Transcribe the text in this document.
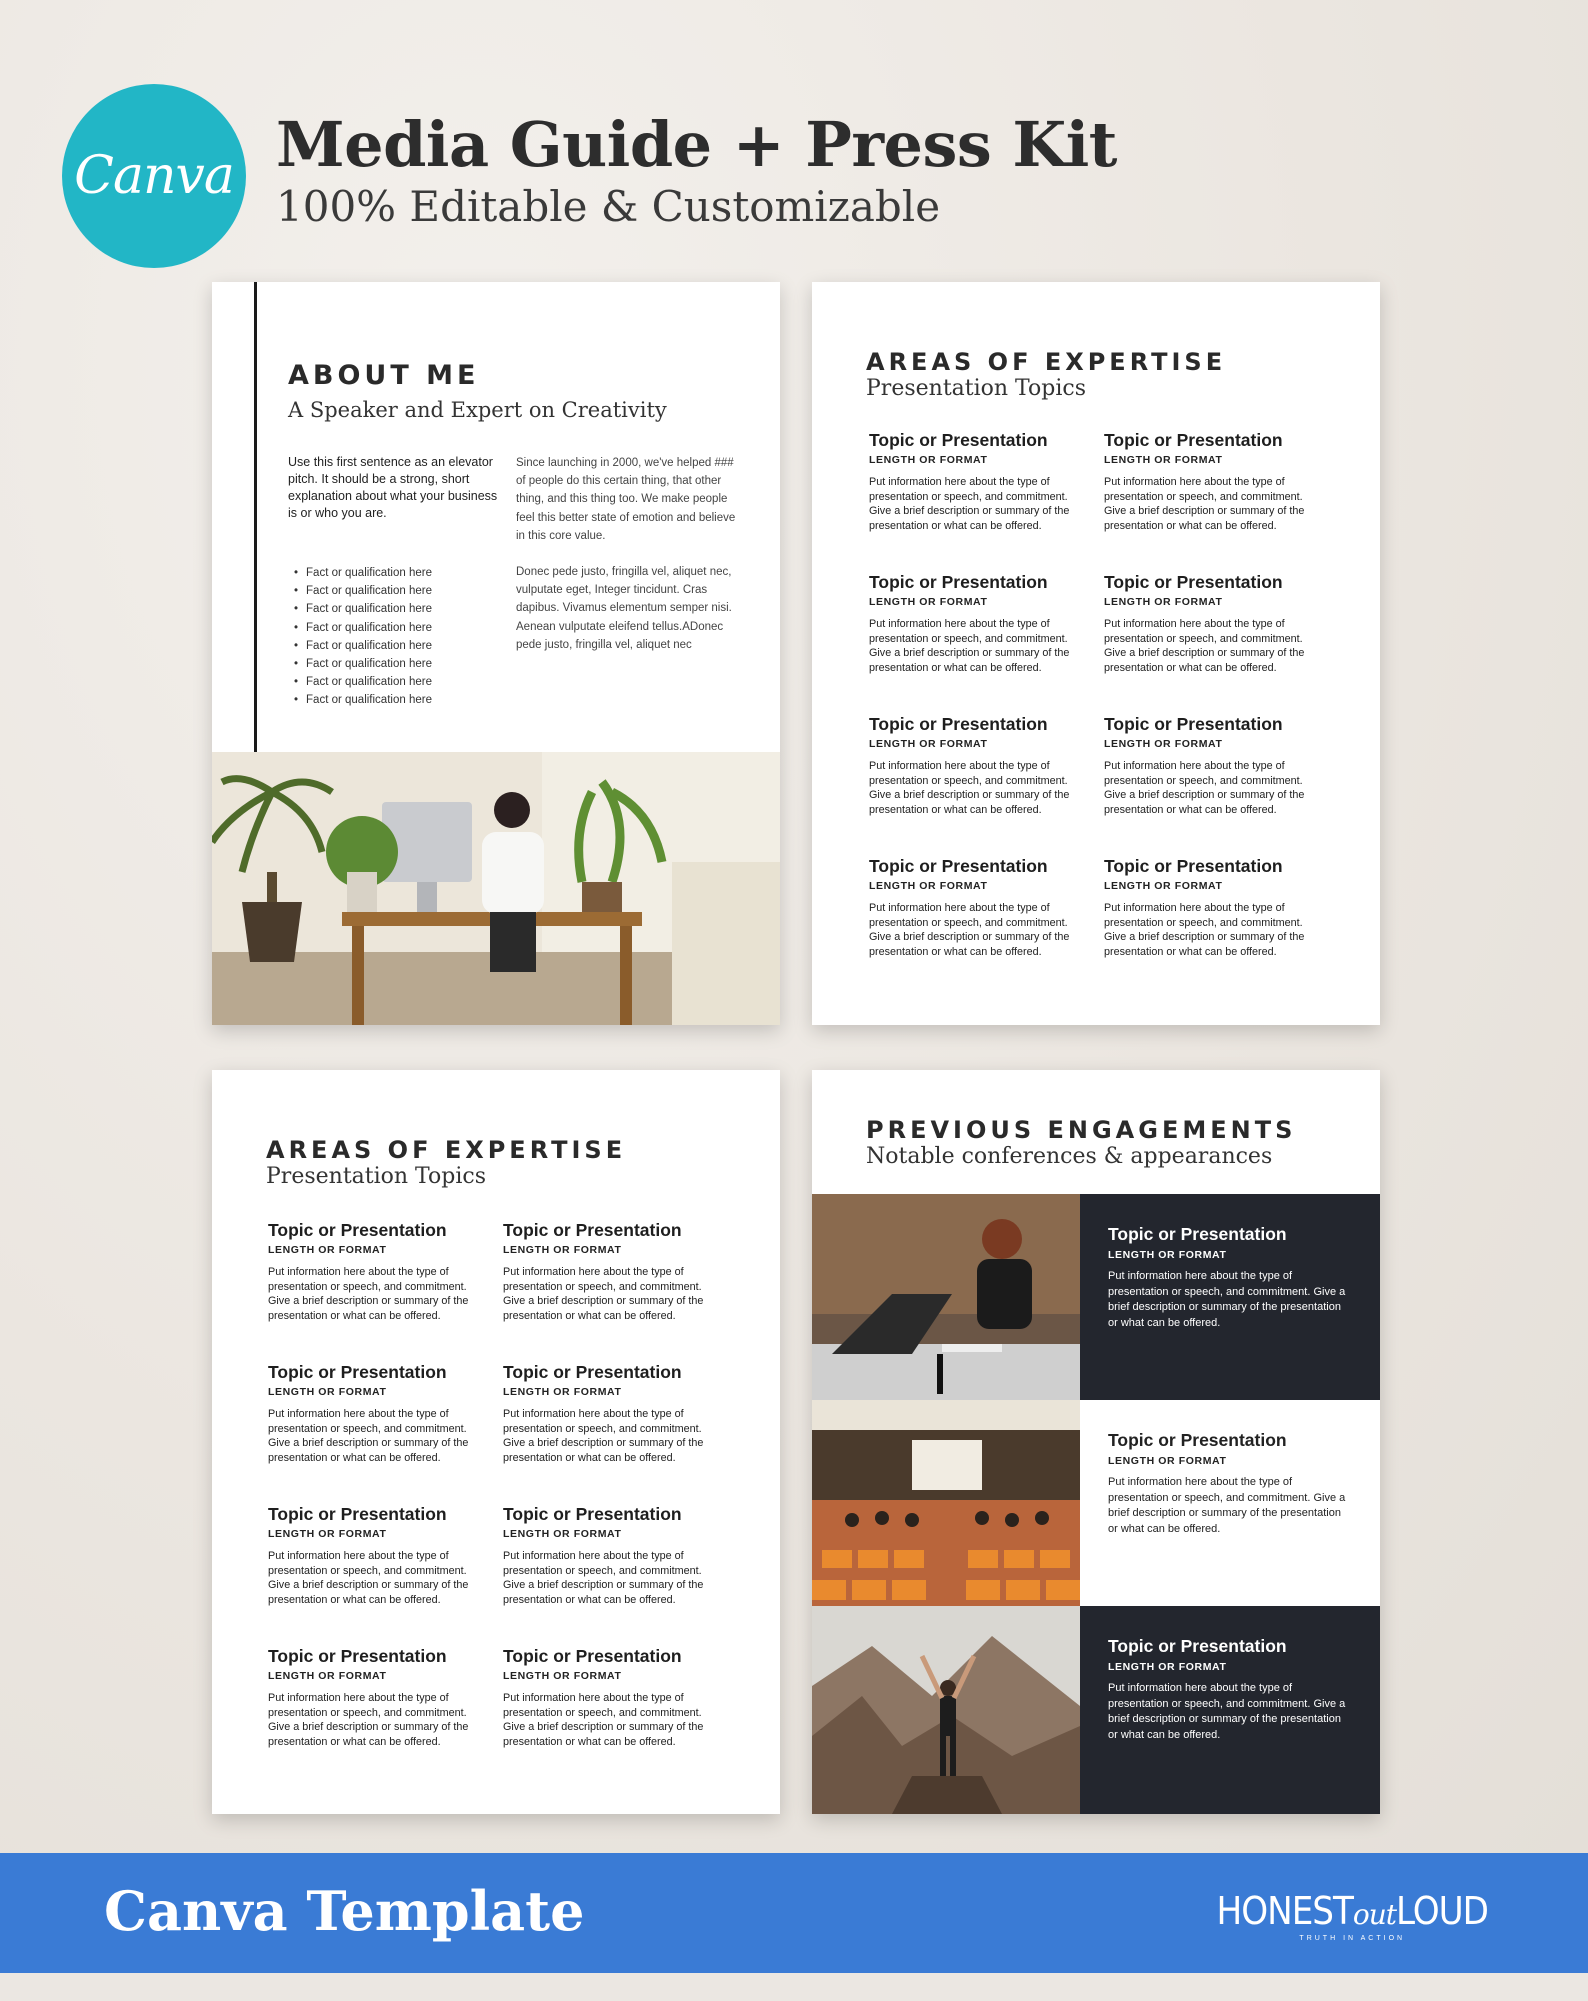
Canva Media Guide + Press Kit
100% Editable & Customizable
ABOUT ME
A Speaker and Expert on Creativity
Use this first sentence as an elevator pitch. It should be a strong, short explanation about what your business is or who you are.
• Fact or qualification here
• Fact or qualification here
• Fact or qualification here
• Fact or qualification here
• Fact or qualification here
• Fact or qualification here
• Fact or qualification here
• Fact or qualification here

Since launching in 2000, we've helped ### of people do this certain thing, that other thing, and this thing too. We make people feel this better state of emotion and believe in this core value.

Donec pede justo, fringilla vel, aliquet nec, vulputate eget, Integer tincidunt. Cras dapibus. Vivamus elementum semper nisi. Aenean vulputate eleifend tellus.ADonec pede justo, fringilla vel, aliquet nec

AREAS OF EXPERTISE
Presentation Topics
Topic or Presentation
LENGTH OR FORMAT
Put information here about the type of presentation or speech, and commitment. Give a brief description or summary of the presentation or what can be offered.
Topic or Presentation
LENGTH OR FORMAT
Put information here about the type of presentation or speech, and commitment. Give a brief description or summary of the presentation or what can be offered.
Topic or Presentation
LENGTH OR FORMAT
Put information here about the type of presentation or speech, and commitment. Give a brief description or summary of the presentation or what can be offered.
Topic or Presentation
LENGTH OR FORMAT
Put information here about the type of presentation or speech, and commitment. Give a brief description or summary of the presentation or what can be offered.
Topic or Presentation
LENGTH OR FORMAT
Put information here about the type of presentation or speech, and commitment. Give a brief description or summary of the presentation or what can be offered.
Topic or Presentation
LENGTH OR FORMAT
Put information here about the type of presentation or speech, and commitment. Give a brief description or summary of the presentation or what can be offered.
Topic or Presentation
LENGTH OR FORMAT
Put information here about the type of presentation or speech, and commitment. Give a brief description or summary of the presentation or what can be offered.
Topic or Presentation
LENGTH OR FORMAT
Put information here about the type of presentation or speech, and commitment. Give a brief description or summary of the presentation or what can be offered.
AREAS OF EXPERTISE
Presentation Topics
Topic or Presentation
LENGTH OR FORMAT
Put information here about the type of presentation or speech, and commitment. Give a brief description or summary of the presentation or what can be offered.
Topic or Presentation
LENGTH OR FORMAT
Put information here about the type of presentation or speech, and commitment. Give a brief description or summary of the presentation or what can be offered.
Topic or Presentation
LENGTH OR FORMAT
Put information here about the type of presentation or speech, and commitment. Give a brief description or summary of the presentation or what can be offered.
Topic or Presentation
LENGTH OR FORMAT
Put information here about the type of presentation or speech, and commitment. Give a brief description or summary of the presentation or what can be offered.
Topic or Presentation
LENGTH OR FORMAT
Put information here about the type of presentation or speech, and commitment. Give a brief description or summary of the presentation or what can be offered.
Topic or Presentation
LENGTH OR FORMAT
Put information here about the type of presentation or speech, and commitment. Give a brief description or summary of the presentation or what can be offered.
Topic or Presentation
LENGTH OR FORMAT
Put information here about the type of presentation or speech, and commitment. Give a brief description or summary of the presentation or what can be offered.
Topic or Presentation
LENGTH OR FORMAT
Put information here about the type of presentation or speech, and commitment. Give a brief description or summary of the presentation or what can be offered.
PREVIOUS ENGAGEMENTS
Notable conferences & appearances
Topic or Presentation
LENGTH OR FORMAT
Put information here about the type of presentation or speech, and commitment. Give a brief description or summary of the presentation or what can be offered.
Topic or Presentation
LENGTH OR FORMAT
Put information here about the type of presentation or speech, and commitment. Give a brief description or summary of the presentation or what can be offered.
Topic or Presentation
LENGTH OR FORMAT
Put information here about the type of presentation or speech, and commitment. Give a brief description or summary of the presentation or what can be offered.
Canva Template	HONESToutLOUD
TRUTH IN ACTION
